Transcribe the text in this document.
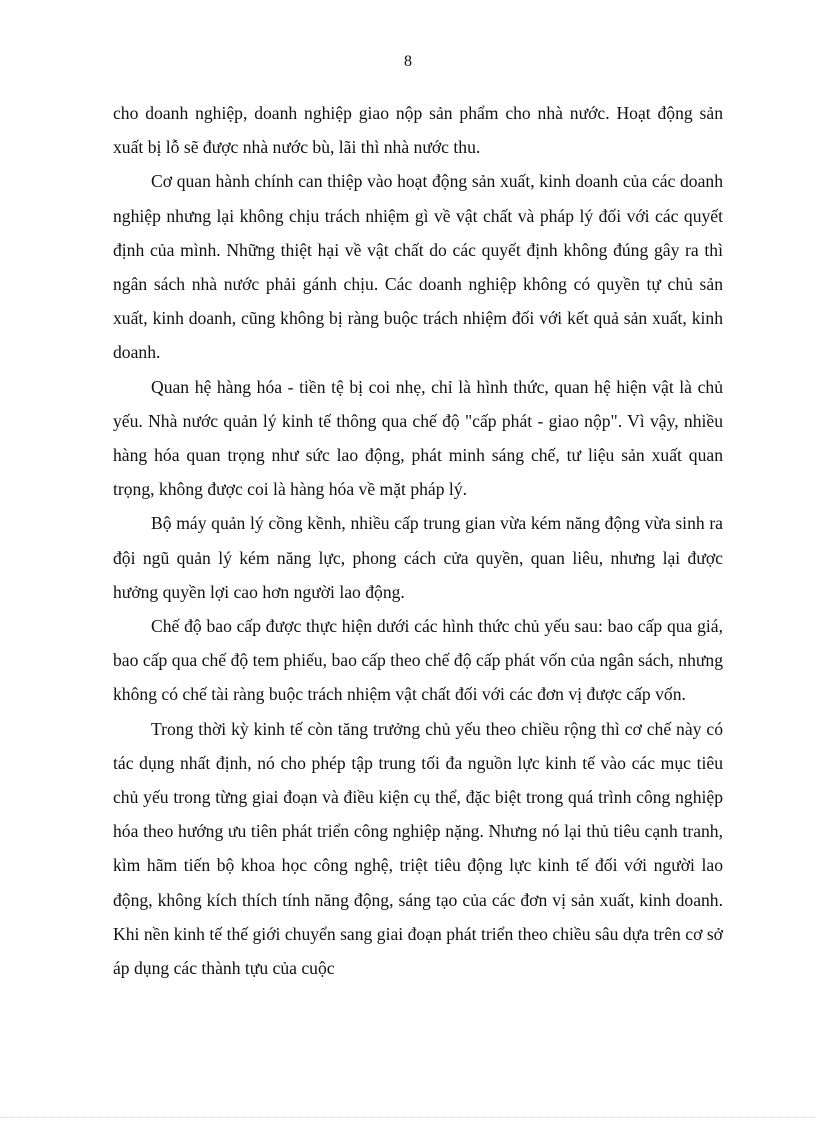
8

cho doanh nghiệp, doanh nghiệp giao nộp sản phẩm cho nhà nước. Hoạt động sản xuất bị lỗ sẽ được nhà nước bù, lãi thì nhà nước thu.

Cơ quan hành chính can thiệp vào hoạt động sản xuất, kinh doanh của các doanh nghiệp nhưng lại không chịu trách nhiệm gì về vật chất và pháp lý đối với các quyết định của mình. Những thiệt hại về vật chất do các quyết định không đúng gây ra thì ngân sách nhà nước phải gánh chịu. Các doanh nghiệp không có quyền tự chủ sản xuất, kinh doanh, cũng không bị ràng buộc trách nhiệm đối với kết quả sản xuất, kinh doanh.

Quan hệ hàng hóa - tiền tệ bị coi nhẹ, chỉ là hình thức, quan hệ hiện vật là chủ yếu. Nhà nước quản lý kinh tế thông qua chế độ "cấp phát - giao nộp". Vì vậy, nhiều hàng hóa quan trọng như sức lao động, phát minh sáng chế, tư liệu sản xuất quan trọng, không được coi là hàng hóa về mặt pháp lý.

Bộ máy quản lý cồng kềnh, nhiều cấp trung gian vừa kém năng động vừa sinh ra đội ngũ quản lý kém năng lực, phong cách cửa quyền, quan liêu, nhưng lại được hưởng quyền lợi cao hơn người lao động.

Chế độ bao cấp được thực hiện dưới các hình thức chủ yếu sau: bao cấp qua giá, bao cấp qua chế độ tem phiếu, bao cấp theo chế độ cấp phát vốn của ngân sách, nhưng không có chế tài ràng buộc trách nhiệm vật chất đối với các đơn vị được cấp vốn.

Trong thời kỳ kinh tế còn tăng trưởng chủ yếu theo chiều rộng thì cơ chế này có tác dụng nhất định, nó cho phép tập trung tối đa nguồn lực kinh tế vào các mục tiêu chủ yếu trong từng giai đoạn và điều kiện cụ thể, đặc biệt trong quá trình công nghiệp hóa theo hướng ưu tiên phát triển công nghiệp nặng. Nhưng nó lại thủ tiêu cạnh tranh, kìm hãm tiến bộ khoa học công nghệ, triệt tiêu động lực kinh tế đối với người lao động, không kích thích tính năng động, sáng tạo của các đơn vị sản xuất, kinh doanh. Khi nền kinh tế thế giới chuyển sang giai đoạn phát triển theo chiều sâu dựa trên cơ sở áp dụng các thành tựu của cuộc
